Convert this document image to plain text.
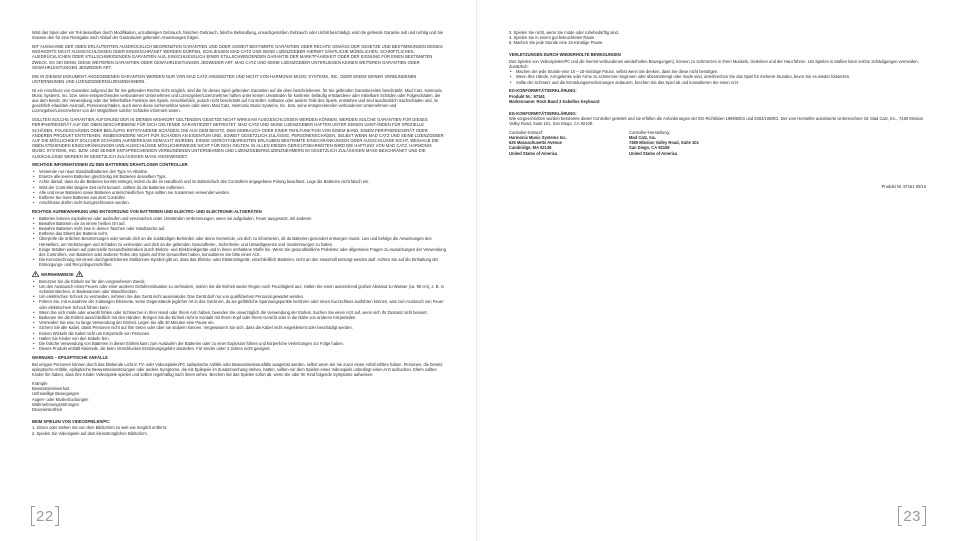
Wird das Spiel oder ein Teil desselben durch Modifikation, unzulässigen Gebrauch, falschen Gebrauch, falsche Behandlung, unsachgemäßen Gebrauch oder Unfall beschädigt, wird die geltende Garantie null und nichtig und Sie müssen den für eine Rückgabe nach Ablauf der Garantiezeit geltenden Anweisungen folgen.

MIT AUSNAHME DER OBEN ERLÄUTERTEN AUSDRÜCKLICH BEGRENZTEN GARANTIEN UND ODER SOWEIT BESTIMMTE GARANTIEN ODER RECHTE GEMÄSS DER GESETZE UND BESTIMMUNGEN DEINES WOHNORTS NICHT AUSGESCHLOSSEN ODER EINGESCHRÄNKT WERDEN DÜRFEN, SCHLIESSEN MAD CATZ UND SEINE LIZENZGEBER HIERMIT SÄMTLICHE MÜNDLICHEN, SCHRIFTLICHEN, AUSDRÜCKLICHEN ODER STILLSCHWEIGENDEN GARANTIEN AUS, EINSCHLIESSLICH EINER STILLSCHWEIGENDEN GARANTIE DER MARKTFÄHIGKEIT ODER DER EIGNUNG FÜR EINEN BESTIMMTEN ZWECK. ES SEI DENN, DIESE WEITEREN GARANTIEN ODER GEWÄHRLEISTUNGEN JEDWEDER ART. MAD CATZ UND SEINE LIZENZGEBER UNTERLIEGEN KEINEN WEITEREN GARANTIEN ODER GEWÄHRLEISTUNGEN JEDWEDER ART.

DIE IN DIESEM DOKUMENT ANGEGEBENEN GARANTIEN WERDEN NUR VON MAD CATZ ANGEBOTEN UND NICHT VON HARMONIX MUSIC SYSTEMS, INC. ODER EINEM SEINER VERBUNDENEN UNTERNEHMEN UND LIZENZGEBERN/LIZENZNEHMERN.

Ist ein Anschluss von Garantien aufgrund der für Sie geltenden Rechte nicht möglich, sind die für dieses Spiel geltenden Garantien auf die oben beschriebenen, für Sie geltenden Garantiezeiten beschränkt. Mad Catz, Harmonix Music Systems, Inc. bzw. seine entsprechenden verbundenen Unternehmen und Lizenzgeber/Lizenznehmer haften unter keinen Umständen für konkrete, beiläufig entstandene oder mittelbare Schäden oder Folgeschäden, die aus dem Besitz, der Verwendung oder der fehlerhaften Funktion des Spiels, einschließlich, jedoch nicht beschränkt auf Controller, Software oder andere Teile des Spiels, entstehen und sind ausdrücklich Sachschäden und, im gesetzlich erlaubten Ausmaß, Personenschäden, auch wenn diese vorhersehbar waren oder wenn Mad Catz, Harmonix Music Systems, Inc. bzw. seine entsprechenden verbundenen Unternehmen und Lizenzgeber/Lizenznehmer von der Möglichkeit solcher Schäden informiert waren.

SOLLTEN SOLCHE GARANTIEN AUFGRUND DER IN DEINEM WOHNORT GELTENDEN GESETZE NICHT WIRKSAM AUSGESCHLOSSEN WERDEN KÖNNEN, WERDEN SOLCHE GARANTIEN FÜR DIESES PERIPHERIEGERÄT AUF DIE OBEN BESCHRIEBENE FÜR DICH GELTENDE GARANTIEZEIT BEFRISTET. MAD CATZ UND SEINE LIZENZGEBER HAFTEN UNTER KEINEN UMSTÄNDEN FÜR SPEZIELLE SCHÄDEN, FOLGESCHÄDEN ODER BEILÄUFIG ENTSTANDENE SCHÄDEN, DIE AUS DEM BESITZ, DEM GEBRAUCH ODER EINER FEHLFUNKTION VON EINEM BAND, EINEM PERIPHERIEGERÄT ODER ANDEREN PRODUKT ENTSTEHEN, INSBESONDERE NICHT FÜR SCHÄDEN AN EIGENTUM UND, SOWEIT GESETZLICH ZULÄSSIG, PERSONENSCHÄDEN, SELBST WENN MAD CATZ UND SEINE LIZENZGEBER AUF DIE MÖGLICHKEIT SOLCHER SCHÄDEN AUFMERKSAM GEMACHT WURDEN. EINIGE GERICHTSBARKEITEN ERLAUBEN BESTIMMTE EINSCHRÄNKUNGEN ODER AUSSCHLÜSSE NICHT, WESHALB DIE OBEN STEHENDEN EINSCHRÄNKUNGEN UND AUSSCHLÜSSE MÖGLICHERWEISE NICHT FÜR DICH GELTEN. IN ALLEN DIESEN GERICHTSBARKEITEN WIRD DIE HAFTUNG VON MAD CATZ, HARMONIX MUSIC SYSTEMS, INC. BZW. UND SEINER ENTSPRECHENDEN VERBUNDENEN UNTERNEHMEN UND LIZENZGEBERN/LIZENZNEHMERN IM GESETZLICH ZULÄSSIGEN MASS BESCHRÄNKT UND DIE AUSSCHLÜSSE WERDEN IM GESETZLICH ZULÄSSIGEN MASS ANGEWENDET.

WICHTIGE INFORMATIONEN ZU DEN BATTERIEN DRAHTLOSER CONTROLLER
• Verwende nur neue Standardbatterien des Typs AA Alkaline.
• Ersetze alle leeren Batterien gleichzeitig mit Batterien desselben Typs.
• Achte darauf, dass du die Batterien korrekt einlegst, indem du die im Handbuch und im Batteriefach des Controllers angegebene Polung beachtest. Lege die Batterien nicht falsch ein.
• Wird der Controller längere Zeit nicht benutzt, solltest du die Batterien entfernen.
• Alte und neue Batterien sowie Batterien unterschiedlichen Typs sollten nie zusammen verwendet werden.
• Entferne Sie leere Batterien aus dem Controller.
• Anschlüsse dürfen nicht kurzgeschlossen werden.
RICHTIGE AUFBEWAHRUNG UND ENTSORGUNG VON BATTERIEN UND ELEKTRO- UND ELEKTRONIK-ALTGERÄTEN
• Batterien können explodieren oder auslaufen und verursachen unter Umständen Verbrennungen, wenn sie aufgeladen, Feuer ausgesetzt, mit anderen
• Bewahre Batterien nie an einem heißen Ort auf.
• Bewahre Batterien nicht lose in deinen Taschen oder Handtasche auf.
• Entferne das Etikett der Batterie nicht.
• Überprüfe die örtlichen Bestimmungen oder wende dich an die zuständigen Behörden oder deine Gemeinde, um dich zu informieren, ob du Batterien gesondert entsorgen musst. Lies und befolge die Anweisungen des Herstellers, um Verletzungen und Schäden zu vermeiden und dich an die geltenden Gesundheits-, Sicherheits- und Umweltgesetze und -bestimmungen zu halten.
• Einige Städten weisen auf potenzielle Gesundheitsrisiken durch Elektro- und Elektronikgeräte und in ihnen enthaltene Stoffe hin. Wenn Sie gesundheitliche Probleme oder allgemeine Fragen zu Auswirkungen der Verwendung des Controllers, von Batterien oder anderen Teilen des Spiels auf Ihre Gesundheit haben, konsultieren Sie bitte einen Arzt.
• Die Kennzeichnung mit einem durchgestrichenen Mülltonnen-Symbol gibt an, dass das Elektro- oder Elektronikgerät, einschließlich Batterien, nicht an den Hausmüll entsorgt werden darf. Achten Sie auf die Einhaltung der Entsorgungs- und Recyclingvorschriften.
WARNHINWEISE
• Benutzen Sie die Einheit nur für den vorgesehenen Zweck.
• Um den Austausch eines Feuers oder einer anderen Gefahrensituation zu verhindern, setzen Sie die Einheit weder Regen noch Feuchtigkeit aus. Halten Sie einen ausreichend großen Abstand zu Wasser (ca. 90 cm), z. B. in Schwimmbecken, in Badewannen oder Waschbecken.
• Um elektrischen Schock zu vermeiden, nehmen Sie das Gerät nicht auseinander. Das Gerät darf nur von qualifiziertem Personal gewartet werden.
• Führen Sie, mit Ausnahme der zulässigen Elemente, keine Gegenstände jeglicher Art in das Gerät ein, da sie gefährliche Spannungspunkte berühren oder einen Kurzschluss ausführen können, was zum Ausbruch von Feuer oder elektrischem Schock führen kann.
• Wenn Sie sich müde oder unwohl fühlen oder Schmerzen in Ihrer Hand oder Ihrem Arm haben, beenden Sie unverzüglich die Verwendung der Einheit. Suchen Sie einen Arzt auf, wenn sich Ihr Zustand nicht bessert.
• Bedienen Sie die Einheit ausschließlich mit den Händen. Bringen Sie die Einheit nicht in Kontakt mit Ihrem Kopf oder Ihrem Gesicht oder in die Nähe von anderen Körperteilen.
• Vermeiden Sie eine zu lange Verwendung der Einheit. Legen Sie alle 30 Minuten eine Pause ein.
• Sichern Sie alle Kabel, damit Personen nicht auf ihm treten oder über sie stolpern können. Vergewissern Sie sich, dass die Kabel nicht eingeklemmt oder beschädigt werden.
• Keinen Wickeln die Kabel nicht um Körperteile von Personen.
• Halten Sie Kinder von den Kabeln fern.
• Die falsche Verwendung von Batterien in dieser Einheit kann zum Auslaufen der Batterien oder zu einer Explosion führen und körperliche Verletzungen zur Folge haben.
• Dieses Produkt enthält Kleinteile, die beim Verschlucken Erstickungsgefahr darstellen. Für Kinder unter 3 Jahren nicht geeignet.
WARNUNG – EPILEPTISCHE ANFÄLLE

Bei einigen Personen können durch das blinkende Licht in TV- oder Videospielen/PC epileptische Anfälle oder Bewusstseinsausfälle ausgelöst werden, selbst wenn Sie nie zuvor einen Anfall erlitten haben. Personen, die bereits epileptische Anfälle, epileptische Bewusstseinsstörungen oder andere Symptome, die mit Epilepsie im Zusammenhang stehen, hatten, sollten vor dem Spielen eines Videospiels unbedingt einen Arzt aufsuchen. Eltern sollten Kinder ihn haben, dass ihre Kinder Videospiele spielen und sollten regelmäßig nach ihnen sehen. Brechen Sie das Spielen sofort ab, wenn Sie oder Ihr Kind folgende Symptome aufweisen:

Krämpfe

Bewusstseinsverlust

Unfreiwillige Bewegungen

Augen- oder Muskelzuckungen

Wahrnehmungsstörungen

Desorientiertheit

BEIM SPIELEN VON VIDEOSPIELEN/PC:

1. Sitzen oder stehen Sie von dem Bildschirm so weit wie möglich entfernt.

2. Spielen Sie Videospiele auf dem kleinstmöglichen Bildschirm.

22

3. Spielen Sie nicht, wenn Sie müde oder ruhebedürftig sind.

4. Spielen Sie in einem gut beleuchteten Raum.

5. Machen Sie jede Stunde eine 15-minütige Pause.

VERLETZUNGEN DURCH WIEDERHOLTE BEWEGUNGEN

Das Spielen von Videospielen/PC und die hiermit verbundenen wiederholten Bewegungen), können zu Schmerzen in Ihren Muskeln, Gelenken und der Haut führen. Um Spielen in Maßen kann solche Schädigungen vermeiden. Zusätzlich:

• Machen Sie jede Stunde eine 10 – 15-minütige Pause, selbst wenn Sie denken, dass Sie diese nicht benötigen.
• Wenn Ihre Hände, Armgelenke oder Arme zu schmerzen beginnen oder überanstrengt oder müde sind, unterbrechen Sie das Spiel für mehrere Stunden, bevor Sie es wieder fortsetzen.
• Sollte der Schmerz und die Ermüdungserscheinungen andauern, brechen Sie das Spiel ab und konsultieren Sie einen Arzt.
EG-KONFORMITÄTSERKLÄRUNG:

Produkt Nr.: 97161

Markenname: Rock Band 3 Kabellos Keyboard

EG-KONFORMITÄTSERKLÄRUNG:

Wie vorgeschrieben wurden bestimmte dieser Controller getestet und sie erfüllen die Anforderungen der EG-Richtlinien 1999/5/EG und 2004/108/EG. Der vom Hersteller autorisierte Unterzeichner ist: Mad Catz, Inc., 7480 Mission Valley Road, Suite 101, San Diego, CA 92108.

Controller-Entwurf:
Harmonix Music Systems Inc.
625 Massachusetts Avenue
Cambridge, MA 02139
United States of America
Controller-Herstellung:
Mad Catz, Inc.
7480 Mission Valley Road, Suite 101
San Diego, CA 92108
United States of America
Produkt Nr. 97161 00/10
23
